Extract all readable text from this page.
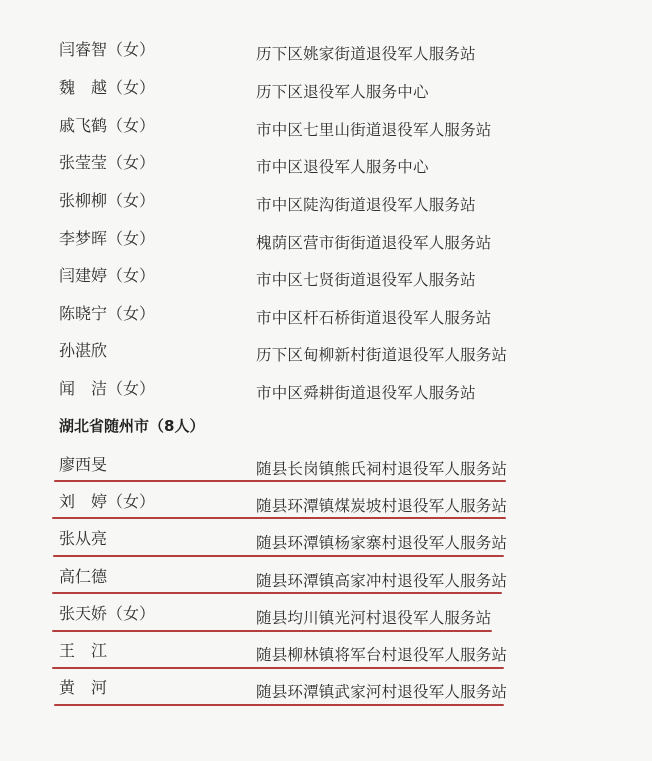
闫睿智（女）	历下区姚家街道退役军人服务站
魏　越（女）	历下区退役军人服务中心
戚飞鹤（女）	市中区七里山街道退役军人服务站
张莹莹（女）	市中区退役军人服务中心
张柳柳（女）	市中区陡沟街道退役军人服务站
李梦晖（女）	槐荫区营市街街道退役军人服务站
闫建婷（女）	市中区七贤街道退役军人服务站
陈晓宁（女）	市中区杆石桥街道退役军人服务站
孙湛欣	历下区甸柳新村街道退役军人服务站
闻　洁（女）	市中区舜耕街道退役军人服务站
湖北省随州市（8人）
廖西旻	随县长岗镇熊氏祠村退役军人服务站
刘　婷（女）	随县环潭镇煤炭坡村退役军人服务站
张从亮	随县环潭镇杨家寨村退役军人服务站
高仁德	随县环潭镇高家冲村退役军人服务站
张天娇（女）	随县均川镇光河村退役军人服务站
王　江	随县柳林镇将军台村退役军人服务站
黄　河	随县环潭镇武家河村退役军人服务站
